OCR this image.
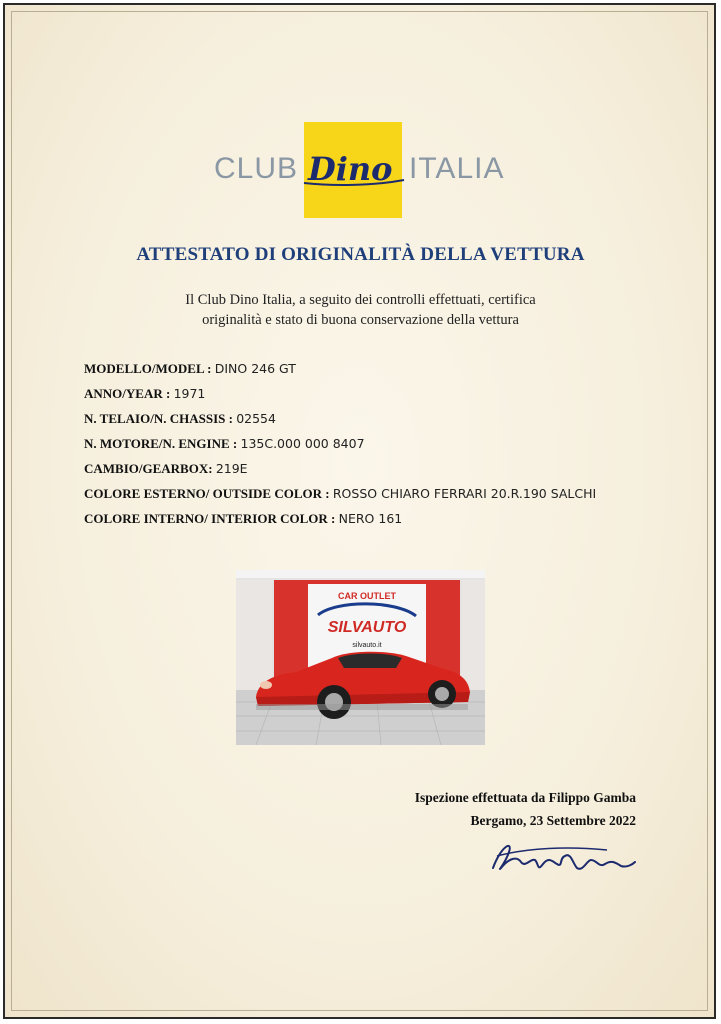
CLUB Dino ITALIA
ATTESTATO DI ORIGINALITÀ DELLA VETTURA
Il Club Dino Italia, a seguito dei controlli effettuati, certifica
originalità e stato di buona conservazione della vettura
MODELLO/MODEL : DINO 246 GT
ANNO/YEAR : 1971
N. TELAIO/N. CHASSIS : 02554
N. MOTORE/N. ENGINE : 135C.000 000 8407
CAMBIO/GEARBOX: 219E
COLORE ESTERNO/ OUTSIDE COLOR : ROSSO CHIARO FERRARI 20.R.190 SALCHI
COLORE INTERNO/ INTERIOR COLOR : NERO 161
CAR OUTLET
SILVAUTO
silvauto.it
Ispezione effettuata da Filippo Gamba
Bergamo, 23 Settembre 2022
